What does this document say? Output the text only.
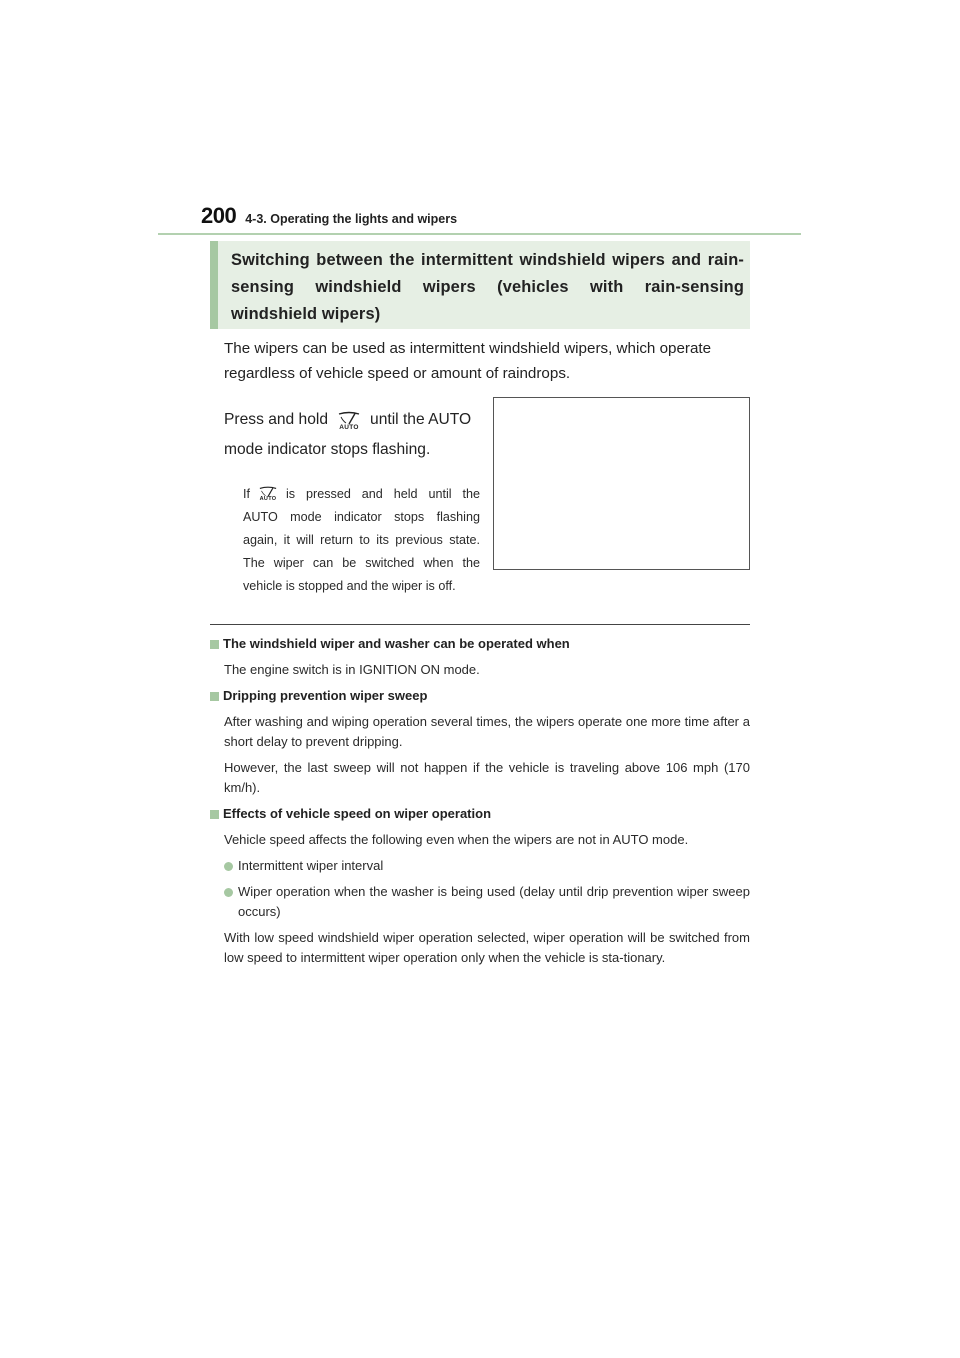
200 4-3. Operating the lights and wipers
Switching between the intermittent windshield wipers and rain-sensing windshield wipers (vehicles with rain-sensing windshield wipers)

The wipers can be used as intermittent windshield wipers, which operate regardless of vehicle speed or amount of raindrops.

Press and hold	AUTO until the AUTO mode indicator stops flashing.

If	AUTO is pressed and held until the AUTO mode indicator stops flashing again, it will return to its previous state. The wiper can be switched when the vehicle is stopped and the wiper is off.

The windshield wiper and washer can be operated when

The engine switch is in IGNITION ON mode.

Dripping prevention wiper sweep

After washing and wiping operation several times, the wipers operate one more time after a short delay to prevent dripping.

However, the last sweep will not happen if the vehicle is traveling above 106 mph (170 km/h).

Effects of vehicle speed on wiper operation

Vehicle speed affects the following even when the wipers are not in AUTO mode.

Intermittent wiper interval

Wiper operation when the washer is being used (delay until drip prevention wiper sweep occurs)

With low speed windshield wiper operation selected, wiper operation will be switched from low speed to intermittent wiper operation only when the vehicle is sta-tionary.
